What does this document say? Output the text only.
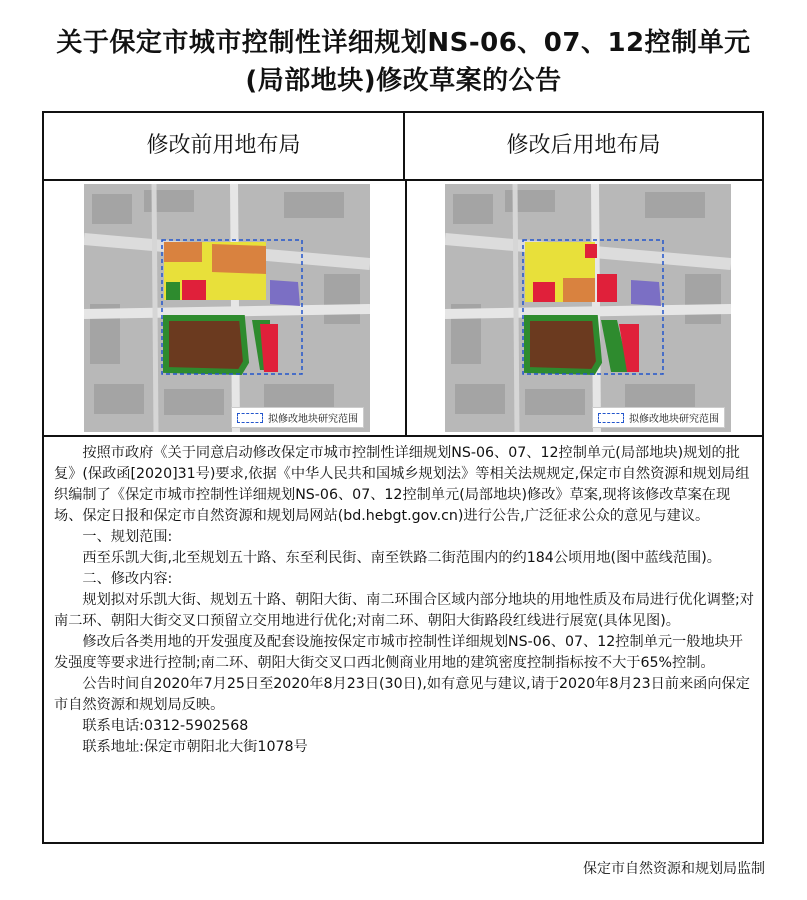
关于保定市城市控制性详细规划NS-06、07、12控制单元
(局部地块)修改草案的公告
修改前用地布局	修改后用地布局
拟修改地块研究范围	拟修改地块研究范围

按照市政府《关于同意启动修改保定市城市控制性详细规划NS-06、07、12控制单元(局部地块)规划的批复》(保政函[2020]31号)要求,依据《中华人民共和国城乡规划法》等相关法规规定,保定市自然资源和规划局组织编制了《保定市城市控制性详细规划NS-06、07、12控制单元(局部地块)修改》草案,现将该修改草案在现场、保定日报和保定市自然资源和规划局网站(bd.hebgt.gov.cn)进行公告,广泛征求公众的意见与建议。

一、规划范围:

西至乐凯大街,北至规划五十路、东至利民街、南至铁路二街范围内的约184公顷用地(图中蓝线范围)。

二、修改内容:

规划拟对乐凯大街、规划五十路、朝阳大街、南二环围合区域内部分地块的用地性质及布局进行优化调整;对南二环、朝阳大街交叉口预留立交用地进行优化;对南二环、朝阳大街路段红线进行展宽(具体见图)。

修改后各类用地的开发强度及配套设施按保定市城市控制性详细规划NS-06、07、12控制单元一般地块开发强度等要求进行控制;南二环、朝阳大街交叉口西北侧商业用地的建筑密度控制指标按不大于65%控制。

公告时间自2020年7月25日至2020年8月23日(30日),如有意见与建议,请于2020年8月23日前来函向保定市自然资源和规划局反映。

联系电话:0312-5902568

联系地址:保定市朝阳北大街1078号

保定市自然资源和规划局监制
